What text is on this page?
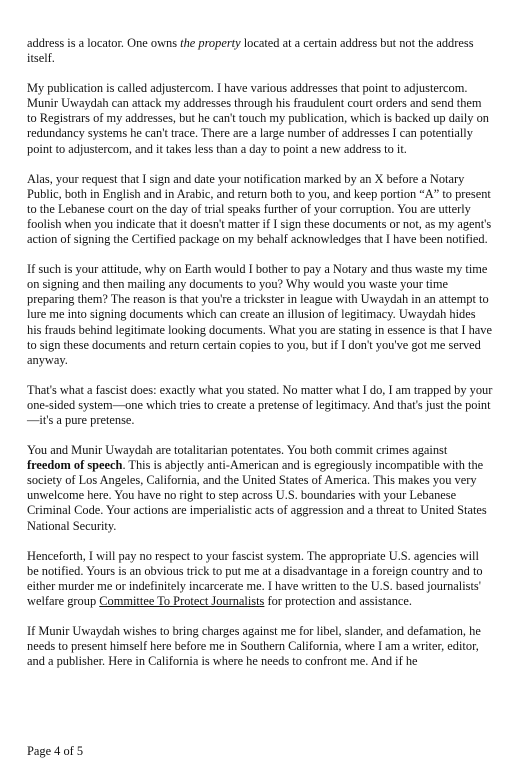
address is a locator. One owns the property located at a certain address but not the address itself.

My publication is called adjustercom. I have various addresses that point to adjustercom. Munir Uwaydah can attack my addresses through his fraudulent court orders and send them to Registrars of my addresses, but he can't touch my publication, which is backed up daily on redundancy systems he can't trace. There are a large number of addresses I can potentially point to adjustercom, and it takes less than a day to point a new address to it.

Alas, your request that I sign and date your notification marked by an X before a Notary Public, both in English and in Arabic, and return both to you, and keep portion “A” to present to the Lebanese court on the day of trial speaks further of your corruption. You are utterly foolish when you indicate that it doesn't matter if I sign these documents or not, as my agent's action of signing the Certified package on my behalf acknowledges that I have been notified.

If such is your attitude, why on Earth would I bother to pay a Notary and thus waste my time on signing and then mailing any documents to you? Why would you waste your time preparing them? The reason is that you're a trickster in league with Uwaydah in an attempt to lure me into signing documents which can create an illusion of legitimacy. Uwaydah hides his frauds behind legitimate looking documents. What you are stating in essence is that I have to sign these documents and return certain copies to you, but if I don't you've got me served anyway.

That's what a fascist does: exactly what you stated. No matter what I do, I am trapped by your one-sided system—one which tries to create a pretense of legitimacy. And that's just the point—it's a pure pretense.

You and Munir Uwaydah are totalitarian potentates. You both commit crimes against freedom of speech. This is abjectly anti-American and is egregiously incompatible with the society of Los Angeles, California, and the United States of America. This makes you very unwelcome here. You have no right to step across U.S. boundaries with your Lebanese Criminal Code. Your actions are imperialistic acts of aggression and a threat to United States National Security.

Henceforth, I will pay no respect to your fascist system. The appropriate U.S. agencies will be notified. Yours is an obvious trick to put me at a disadvantage in a foreign country and to either murder me or indefinitely incarcerate me. I have written to the U.S. based journalists' welfare group Committee To Protect Journalists for protection and assistance.

If Munir Uwaydah wishes to bring charges against me for libel, slander, and defamation, he needs to present himself here before me in Southern California, where I am a writer, editor, and a publisher. Here in California is where he needs to confront me. And if he

Page 4 of 5
